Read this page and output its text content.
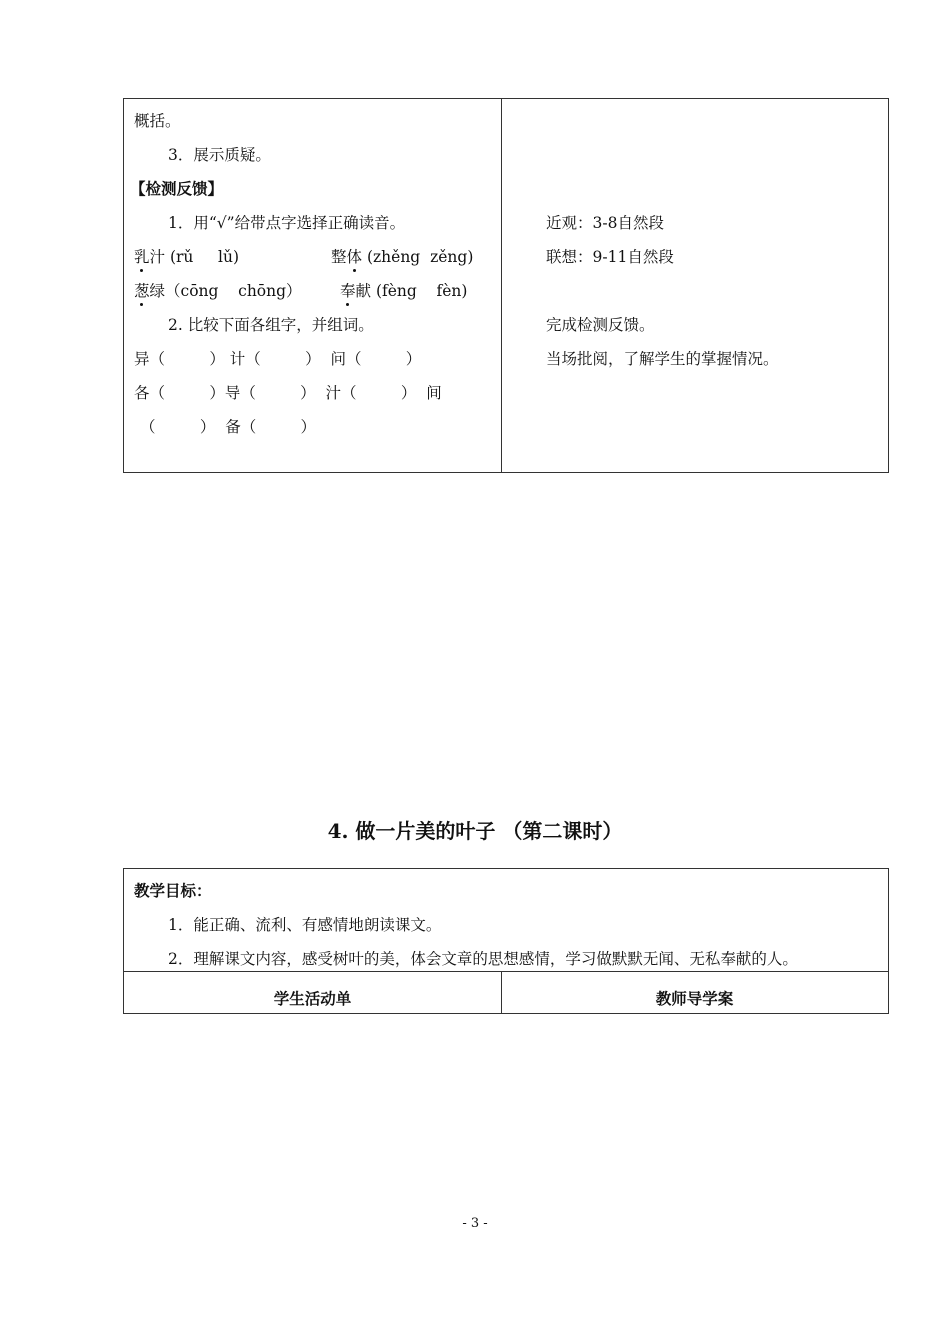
概括。
3．展示质疑。
【检测反馈】
1．用“√”给带点字选择正确读音。
乳汁 (rǔ     lǔ)	整体 (zhěng  zěng)
葱绿（cōng    chōng） 奉献 (fèng    fèn)
2. 比较下面各组字，并组词。
异（         ） 计（         ）  问（         ）
各（         ）导（         ）  汁（         ）  间
（         ）  备（         ）
近观：3-8自然段
联想：9-11自然段
完成检测反馈。
当场批阅，了解学生的掌握情况。
4. 做一片美的叶子 （第二课时）
学生活动单	教师导学案
教学目标：
1．能正确、流利、有感情地朗读课文。
2．理解课文内容，感受树叶的美，体会文章的思想感情，学习做默默无闻、无私奉献的人。
- 3 -
